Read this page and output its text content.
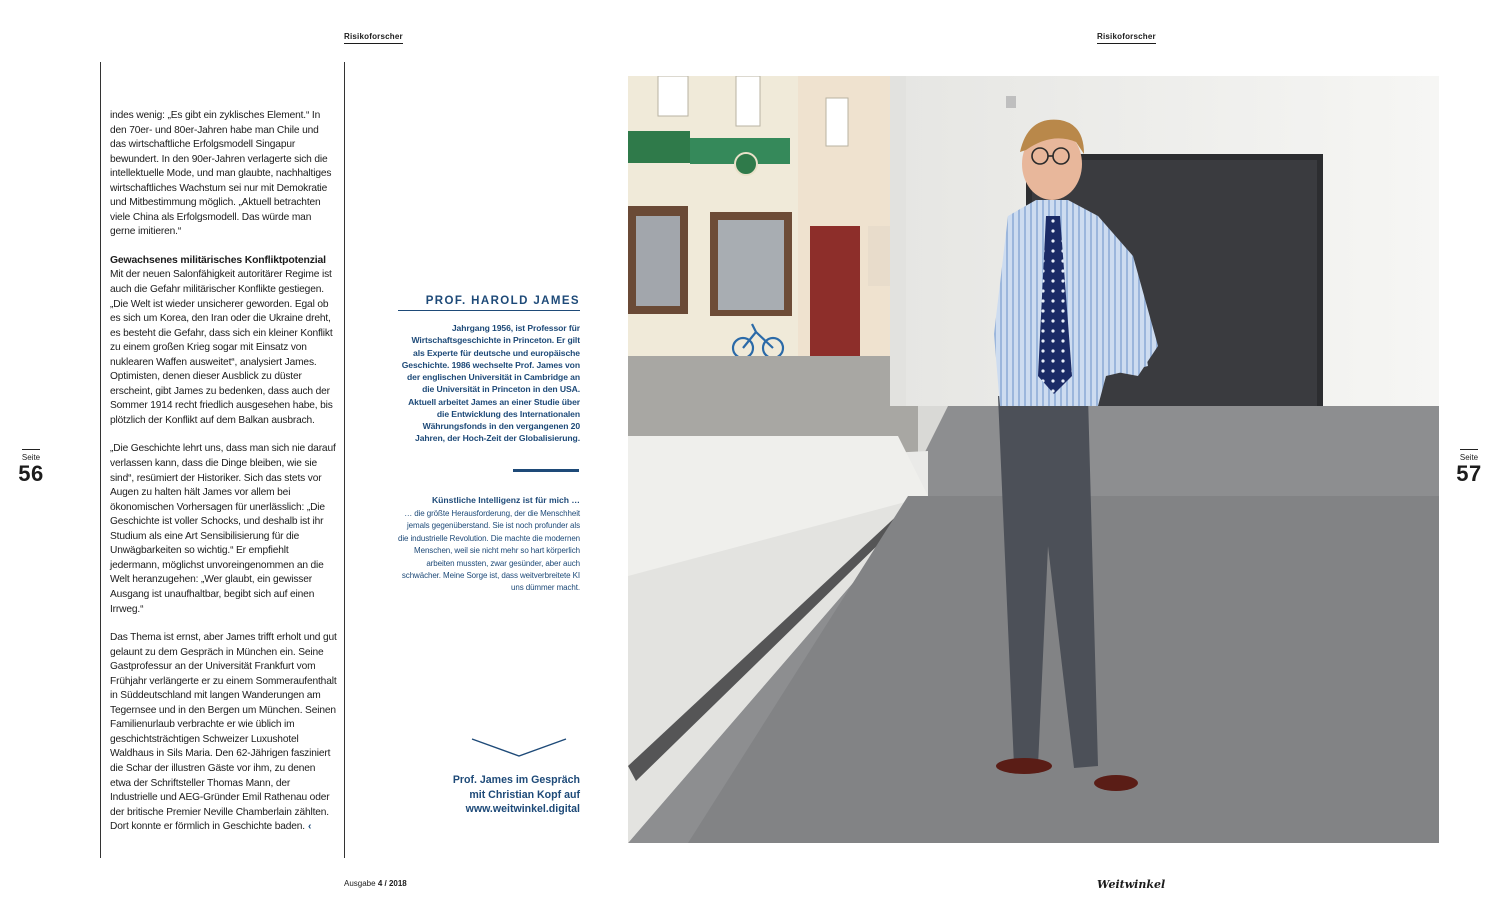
Risikoforscher	Risikoforscher
Seite
56
Seite
57

indes wenig: „Es gibt ein zyklisches Element.“ In den 70er- und 80er-Jahren habe man Chile und das wirtschaftliche Erfolgsmodell Singapur bewundert. In den 90er-Jahren verlagerte sich die intellektuelle Mode, und man glaubte, nachhaltiges wirtschaftliches Wachstum sei nur mit Demokratie und Mitbestimmung möglich. „Aktuell betrachten viele China als Erfolgsmodell. Das würde man gerne imitieren.“

Gewachsenes militärisches Konfliktpotenzial

Mit der neuen Salonfähigkeit autoritärer Regime ist auch die Gefahr militärischer Konflikte gestiegen. „Die Welt ist wieder unsicherer geworden. Egal ob es sich um Korea, den Iran oder die Ukraine dreht, es besteht die Gefahr, dass sich ein kleiner Konflikt zu einem großen Krieg sogar mit Einsatz von nuklearen Waffen ausweitet“, analysiert James. Optimisten, denen dieser Ausblick zu düster erscheint, gibt James zu bedenken, dass auch der Sommer 1914 recht friedlich ausgesehen habe, bis plötzlich der Konflikt auf dem Balkan ausbrach.

„Die Geschichte lehrt uns, dass man sich nie darauf verlassen kann, dass die Dinge bleiben, wie sie sind“, resümiert der Historiker. Sich das stets vor Augen zu halten hält James vor allem bei ökonomischen Vorhersagen für unerlässlich: „Die Geschichte ist voller Schocks, und deshalb ist ihr Studium als eine Art Sensibilisierung für die Unwägbarkeiten so wichtig.“ Er empfiehlt jedermann, möglichst unvoreingenommen an die Welt heranzugehen: „Wer glaubt, ein gewisser Ausgang ist unaufhaltbar, begibt sich auf einen Irrweg.“

Das Thema ist ernst, aber James trifft erholt und gut gelaunt zu dem Gespräch in München ein. Seine Gastprofessur an der Universität Frankfurt vom Frühjahr verlängerte er zu einem Sommeraufenthalt in Süddeutschland mit langen Wanderungen am Tegernsee und in den Bergen um München. Seinen Familienurlaub verbrachte er wie üblich im geschichtsträchtigen Schweizer Luxushotel Waldhaus in Sils Maria. Den 62-Jährigen fasziniert die Schar der illustren Gäste vor ihm, zu denen etwa der Schriftsteller Thomas Mann, der Industrielle und AEG-Gründer Emil Rathenau oder der britische Premier Neville Chamberlain zählten. Dort konnte er förmlich in Geschichte baden. ‹

PROF. HAROLD JAMES
Jahrgang 1956, ist Professor für Wirtschaftsgeschichte in Princeton. Er gilt als Experte für deutsche und europäische Geschichte. 1986 wechselte Prof. James von der englischen Universität in Cambridge an die Universität in Princeton in den USA. Aktuell arbeitet James an einer Studie über die Entwicklung des Internationalen Währungsfonds in den vergangenen 20 Jahren, der Hoch-Zeit der Globalisierung.
Künstliche Intelligenz ist für mich …
… die größte Herausforderung, der die Menschheit jemals gegenüberstand. Sie ist noch profunder als die industrielle Revolution. Die machte die modernen Menschen, weil sie nicht mehr so hart körperlich arbeiten mussten, zwar gesünder, aber auch schwächer. Meine Sorge ist, dass weitverbreitete KI uns dümmer macht.
Prof. James im Gespräch
mit Christian Kopf auf
www.weitwinkel.digital
Ausgabe 4 / 2018	Weitwinkel
